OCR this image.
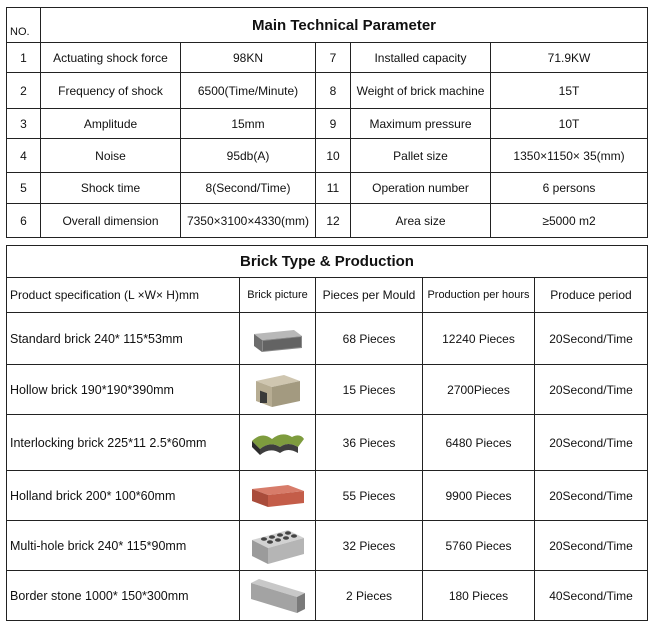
NO.	Main Technical Parameter				
1	Actuating shock force	98KN	7	Installed capacity	71.9KW
2	Frequency of shock	6500(Time/Minute)	8	Weight of brick machine	15T
3	Amplitude	15mm	9	Maximum pressure	10T
4	Noise	95db(A)	10	Pallet size	1350×1150× 35(mm)
5	Shock time	8(Second/Time)	11	Operation number	6 persons
6	Overall dimension	7350×3100×4330(mm)	12	Area size	≥5000 m2
Brick Type & Production				
Product specification (L ×W× H)mm	Brick picture	Pieces per Mould	Production per hours	Produce period
Standard brick 240* 115*53mm		68 Pieces	12240 Pieces	20Second/Time
Hollow brick 190*190*390mm		15 Pieces	2700Pieces	20Second/Time
Interlocking brick 225*11 2.5*60mm		36 Pieces	6480 Pieces	20Second/Time
Holland brick 200* 100*60mm		55 Pieces	9900 Pieces	20Second/Time
Multi-hole brick 240* 115*90mm		32 Pieces	5760 Pieces	20Second/Time
Border stone 1000* 150*300mm		2 Pieces	180 Pieces	40Second/Time
